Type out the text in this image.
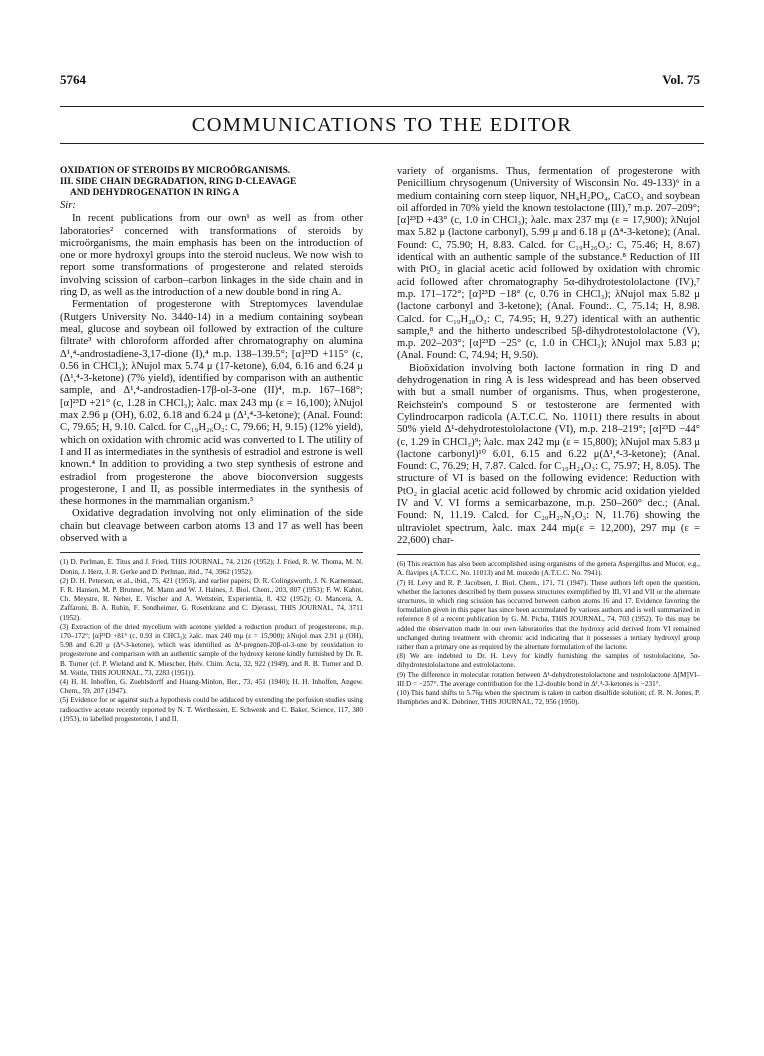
5764	Vol. 75
COMMUNICATIONS TO THE EDITOR
OXIDATION OF STEROIDS BY MICROÖRGANISMS.
III. SIDE CHAIN DEGRADATION, RING D-CLEAVAGE

AND DEHYDROGENATION IN RING A
Sir:

In recent publications from our own¹ as well as from other laboratories² concerned with transformations of steroids by microörganisms, the main emphasis has been on the introduction of one or more hydroxyl groups into the steroid nucleus. We now wish to report some transformations of progesterone and related steroids involving scission of carbon–carbon linkages in the side chain and in ring D, as well as the introduction of a new double bond in ring A.

Fermentation of progesterone with Streptomyces lavendulae (Rutgers University No. 3440-14) in a medium containing soybean meal, glucose and soybean oil followed by extraction of the culture filtrate³ with chloroform afforded after chromatography on alumina Δ¹,⁴-androstadiene-3,17-dione (I),⁴ m.p. 138–139.5°; [α]²³D +115° (c, 0.56 in CHCl₃); λNujol max 5.74 μ (17-ketone), 6.04, 6.16 and 6.24 μ (Δ¹,⁴-3-ketone) (7% yield), identified by comparison with an authentic sample, and Δ¹,⁴-androstadien-17β-ol-3-one (II)⁴, m.p. 167–168°; [α]²³D +21° (c, 1.28 in CHCl₃); λalc. max 243 mμ (ε = 16,100); λNujol max 2.96 μ (OH), 6.02, 6.18 and 6.24 μ (Δ¹,⁴-3-ketone); (Anal. Found: C, 79.65; H, 9.10. Calcd. for C₁₉H₂₆O₂: C, 79.66; H, 9.15) (12% yield), which on oxidation with chromic acid was converted to I. The utility of I and II as intermediates in the synthesis of estradiol and estrone is well known.⁴ In addition to providing a two step synthesis of estrone and estradiol from progesterone the above bioconversion suggests progesterone, I and II, as possible intermediates in the synthesis of these hormones in the mammalian organism.⁵

Oxidative degradation involving not only elimination of the side chain but cleavage between carbon atoms 13 and 17 as well has been observed with a

(1) D. Perlman, E. Titus and J. Fried, THIS JOURNAL, 74, 2126 (1952); J. Fried, R. W. Thoma, M. N. Donin, J. Herz, J. R. Gerke and D. Perlman, ibid., 74, 3962 (1952).
(2) D. H. Peterson, et al., ibid., 75, 421 (1953), and earlier papers; D. R. Colingsworth, J. N. Karnemaat, F. R. Hanson, M. P. Brunner, M. Mann and W. J. Haines, J. Biol. Chem., 203, 807 (1953); F. W. Kahnt, Ch. Meystre, R. Neher, E. Vischer and A. Wettstein, Experientia, 8, 432 (1952); O. Mancera, A. Zaffaroni, B. A. Rubin, F. Sondheimer, G. Rosenkranz and C. Djerassi, THIS JOURNAL, 74, 3711 (1952).
(3) Extraction of the dried mycelium with acetone yielded a reduction product of progesterone, m.p. 170–172°; [α]²³D +81° (c, 0.93 in CHCl₃); λalc. max 240 mμ (ε = 15,900); λNujol max 2.91 μ (OH), 5.98 and 6.20 μ (Δ⁴-3-ketone), which was identified as Δ⁴-pregnen-20β-ol-3-one by reoxidation to progesterone and comparison with an authentic sample of the hydroxy ketone kindly furnished by Dr. R. B. Turner (cf. P. Wieland and K. Miescher, Helv. Chim. Acta, 32, 922 (1949), and R. B. Turner and D. M. Voitle, THIS JOURNAL, 73, 2283 (1951)).
(4) H. H. Inhoffen, G. Zuehlsdorff and Huang-Minlon, Ber., 73, 451 (1940); H. H. Inhoffen, Angew. Chem., 59, 207 (1947).
(5) Evidence for or against such a hypothesis could be adduced by extending the perfusion studies using radioactive acetate recently reported by N. T. Werthessen, E. Schwenk and C. Baker, Science, 117, 380 (1953), to labelled progesterone, I and II.

variety of organisms. Thus, fermentation of progesterone with Penicillium chrysogenum (University of Wisconsin No. 49-133)⁶ in a medium containing corn steep liquor, NH₄H₂PO₄, CaCO₃ and soybean oil afforded in 70% yield the known testolactone (III),⁷ m.p. 207–209°; [α]²³D +43° (c, 1.0 in CHCl₃); λalc. max 237 mμ (ε = 17,900); λNujol max 5.82 μ (lactone carbonyl), 5.99 μ and 6.18 μ (Δ⁴-3-ketone); (Anal. Found: C, 75.90; H, 8.83. Calcd. for C₁₉H₂₆O₃: C, 75.46; H, 8.67) identical with an authentic sample of the substance.⁸ Reduction of III with PtO₂ in glacial acetic acid followed by oxidation with chromic acid followed after chromatography 5α-dihydrotestololactone (IV),⁷ m.p. 171–172°; [α]²³D −18° (c, 0.76 in CHCl₃); λNujol max 5.82 μ (lactone carbonyl and 3-ketone); (Anal. Found:. C, 75.14; H, 8.98. Calcd. for C₁₉H₂₈O₃: C, 74.95; H, 9.27) identical with an authentic sample,⁸ and the hitherto undescribed 5β-dihydrotestololactone (V), m.p. 202–203°; [α]²³D −25° (c, 1.0 in CHCl₃); λNujol max 5.83 μ; (Anal. Found: C, 74.94; H, 9.50).

Bioöxidation involving both lactone formation in ring D and dehydrogenation in ring A is less widespread and has been observed with but a small number of organisms. Thus, when progesterone, Reichstein's compound S or testosterone are fermented with Cylindrocarpon radicola (A.T.C.C. No. 11011) there results in about 50% yield Δ¹-dehydrotestololactone (VI), m.p. 218–219°; [α]²³D −44° (c, 1.29 in CHCl₃)⁹; λalc. max 242 mμ (ε = 15,800); λNujol max 5.83 μ (lactone carbonyl)¹⁰ 6.01, 6.15 and 6.22 μ(Δ¹,⁴-3-ketone); (Anal. Found: C, 76.29; H, 7.87. Calcd. for C₁₉H₂₄O₃: C, 75.97; H, 8.05). The structure of VI is based on the following evidence: Reduction with PtO₂ in glacial acetic acid followed by chromic acid oxidation yielded IV and V. VI forms a semicarbazone, m.p. 250–260° dec.; (Anal. Found: N, 11.19. Calcd. for C₂₀H₂₇N₃O₃: N, 11.76) showing the ultraviolet spectrum, λalc. max 244 mμ(ε = 12,200), 297 mμ (ε = 22,600) char-

(6) This reaction has also been accomplished using organisms of the genera Aspergillus and Mucor, e.g., A. flavipes (A.T.C.C. No. 11013) and M. mucedo (A.T.C.C. No. 7941).
(7) H. Levy and R. P. Jacobsen, J. Biol. Chem., 171, 71 (1947). These authors left open the question, whether the lactones described by them possess structures exemplified by III, VI and VII or the alternate structures, in which ring scission has occurred between carbon atoms 16 and 17. Evidence favoring the formulation given in this paper has since been accumulated by various authors and is well summarized in reference 8 of a recent publication by G. M. Picha, THIS JOURNAL, 74, 703 (1952). To this may be added the observation made in our own laboratories that the hydroxy acid derived from VI remained unchanged during treatment with chromic acid indicating that it possesses a tertiary hydroxyl group rather than a primary one as required by the alternate formulation of the lactone.
(8) We are indebted to Dr. H. Levy for kindly furnishing the samples of testololactone, 5α-dihydrotestololactone and estrololactone.
(9) The difference in molecular rotation between Δ¹-dehydrotestololactone and testololactone Δ[M]VI–III D = −257°. The average contribution for the 1,2-double bond in Δ¹,⁴-3-ketones is −231°.
(10) This band shifts to 5.76μ when the spectrum is taken in carbon disulfide solution; cf. R. N. Jones, P. Humphries and K. Dobriner, THIS JOURNAL, 72, 956 (1950).
